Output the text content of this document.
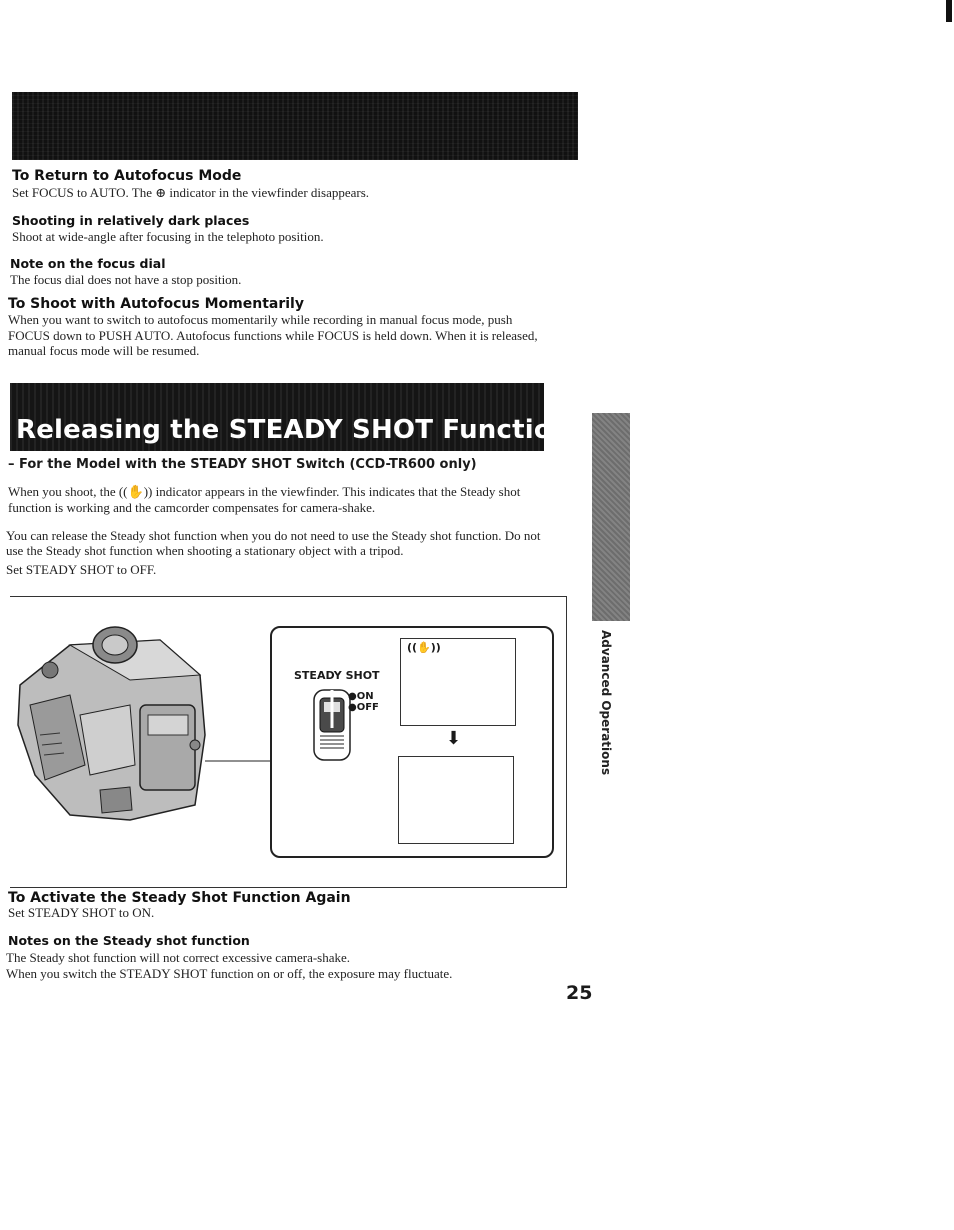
To Return to Autofocus Mode
Set FOCUS to AUTO. The ⊕ indicator in the viewfinder disappears.
Shooting in relatively dark places
Shoot at wide-angle after focusing in the telephoto position.
Note on the focus dial
The focus dial does not have a stop position.
To Shoot with Autofocus Momentarily
When you want to switch to autofocus momentarily while recording in manual focus mode, push
FOCUS down to PUSH AUTO. Autofocus functions while FOCUS is held down. When it is released,
manual focus mode will be resumed.
Releasing the STEADY SHOT Function
– For the Model with the STEADY SHOT Switch (CCD-TR600 only)
When you shoot, the ((✋)) indicator appears in the viewfinder. This indicates that the Steady shot
function is working and the camcorder compensates for camera-shake.
You can release the Steady shot function when you do not need to use the Steady shot function. Do not
use the Steady shot function when shooting a stationary object with a tripod.
Set STEADY SHOT to OFF.
STEADY SHOT
●ON
●OFF
((✋))
⬇
To Activate the Steady Shot Function Again
Set STEADY SHOT to ON.
Notes on the Steady shot function
The Steady shot function will not correct excessive camera-shake.
When you switch the STEADY SHOT function on or off, the exposure may fluctuate.
Advanced Operations
25
